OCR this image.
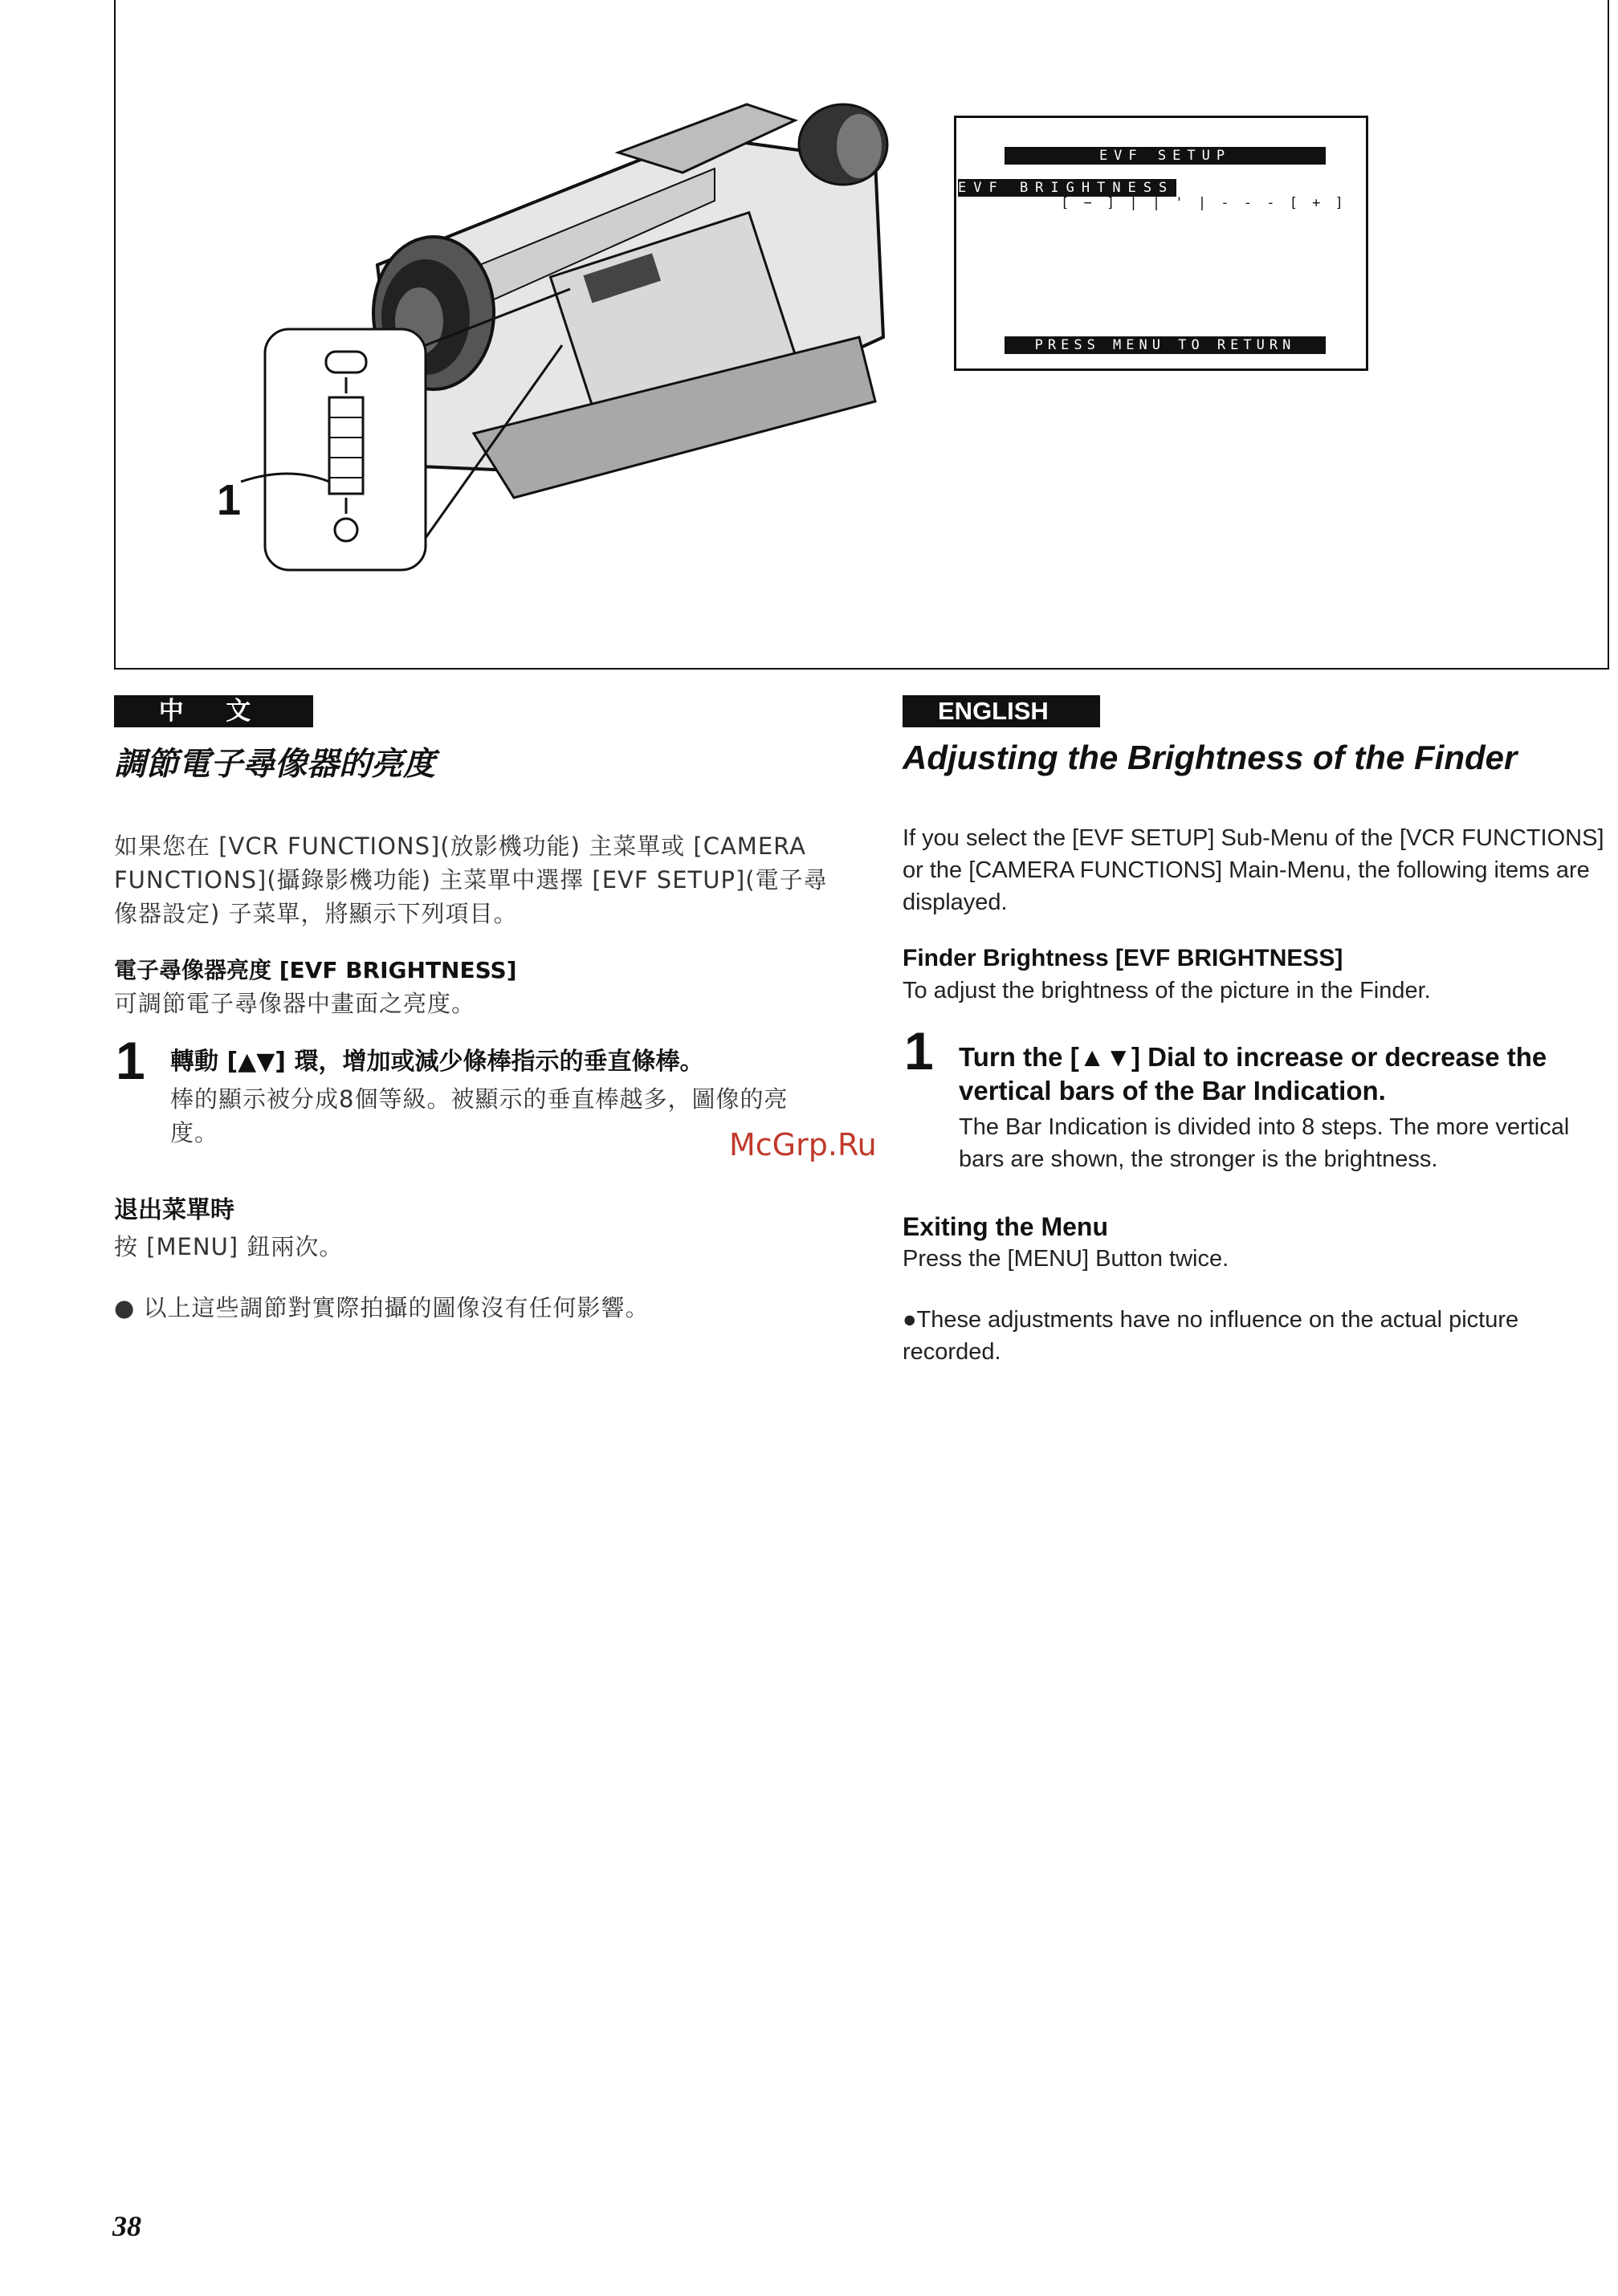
1
EVF SETUP
EVF BRIGHTNESS
[ − ] | | ' | - - - [ + ]
PRESS MENU TO RETURN
中 文
調節電子尋像器的亮度

如果您在 [VCR FUNCTIONS](放影機功能) 主菜單或 [CAMERA FUNCTIONS](攝錄影機功能) 主菜單中選擇 [EVF SETUP](電子尋像器設定) 子菜單，將顯示下列項目。

電子尋像器亮度 [EVF BRIGHTNESS]

可調節電子尋像器中畫面之亮度。

1 轉動 [▲▼] 環，增加或減少條棒指示的垂直條棒。

棒的顯示被分成8個等級。被顯示的垂直棒越多，圖像的亮度。

退出菜單時

按 [MENU] 鈕兩次。

● 以上這些調節對實際拍攝的圖像沒有任何影響。

McGrp.Ru
ENGLISH
Adjusting the Brightness of the Finder

If you select the [EVF SETUP] Sub-Menu of the [VCR FUNCTIONS] or the [CAMERA FUNCTIONS] Main-Menu, the following items are displayed.

Finder Brightness [EVF BRIGHTNESS]

To adjust the brightness of the picture in the Finder.

1 Turn the [▲▼] Dial to increase or decrease the vertical bars of the Bar Indication.

The Bar Indication is divided into 8 steps. The more vertical bars are shown, the stronger is the brightness.

Exiting the Menu

Press the [MENU] Button twice.

●These adjustments have no influence on the actual picture recorded.

38
